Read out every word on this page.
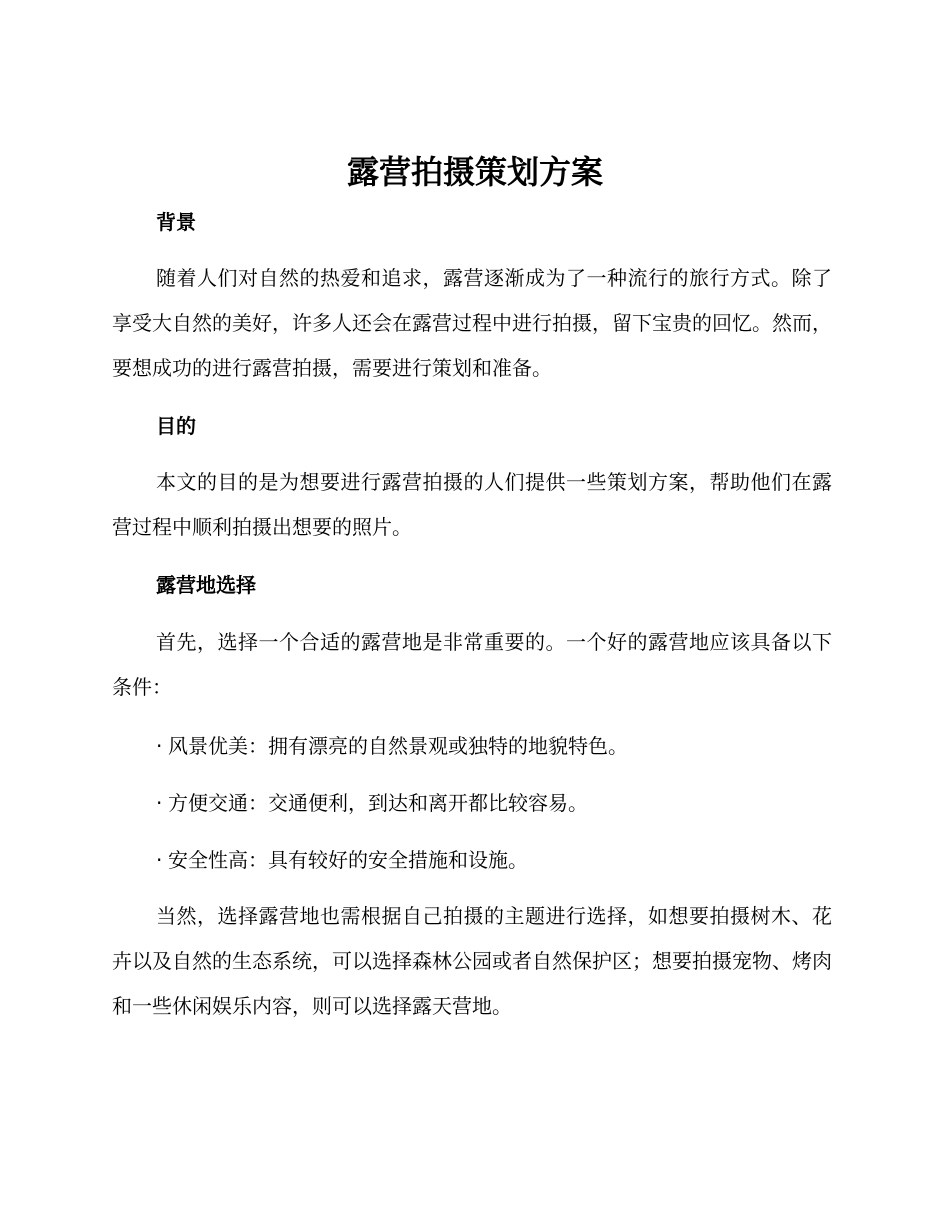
露营拍摄策划方案
背景

随着人们对自然的热爱和追求，露营逐渐成为了一种流行的旅行方式。除了享受大自然的美好，许多人还会在露营过程中进行拍摄，留下宝贵的回忆。然而，要想成功的进行露营拍摄，需要进行策划和准备。

目的

本文的目的是为想要进行露营拍摄的人们提供一些策划方案，帮助他们在露营过程中顺利拍摄出想要的照片。

露营地选择

首先，选择一个合适的露营地是非常重要的。一个好的露营地应该具备以下条件：

· 风景优美：拥有漂亮的自然景观或独特的地貌特色。

· 方便交通：交通便利，到达和离开都比较容易。

· 安全性高：具有较好的安全措施和设施。

当然，选择露营地也需根据自己拍摄的主题进行选择，如想要拍摄树木、花卉以及自然的生态系统，可以选择森林公园或者自然保护区；想要拍摄宠物、烤肉和一些休闲娱乐内容，则可以选择露天营地。
